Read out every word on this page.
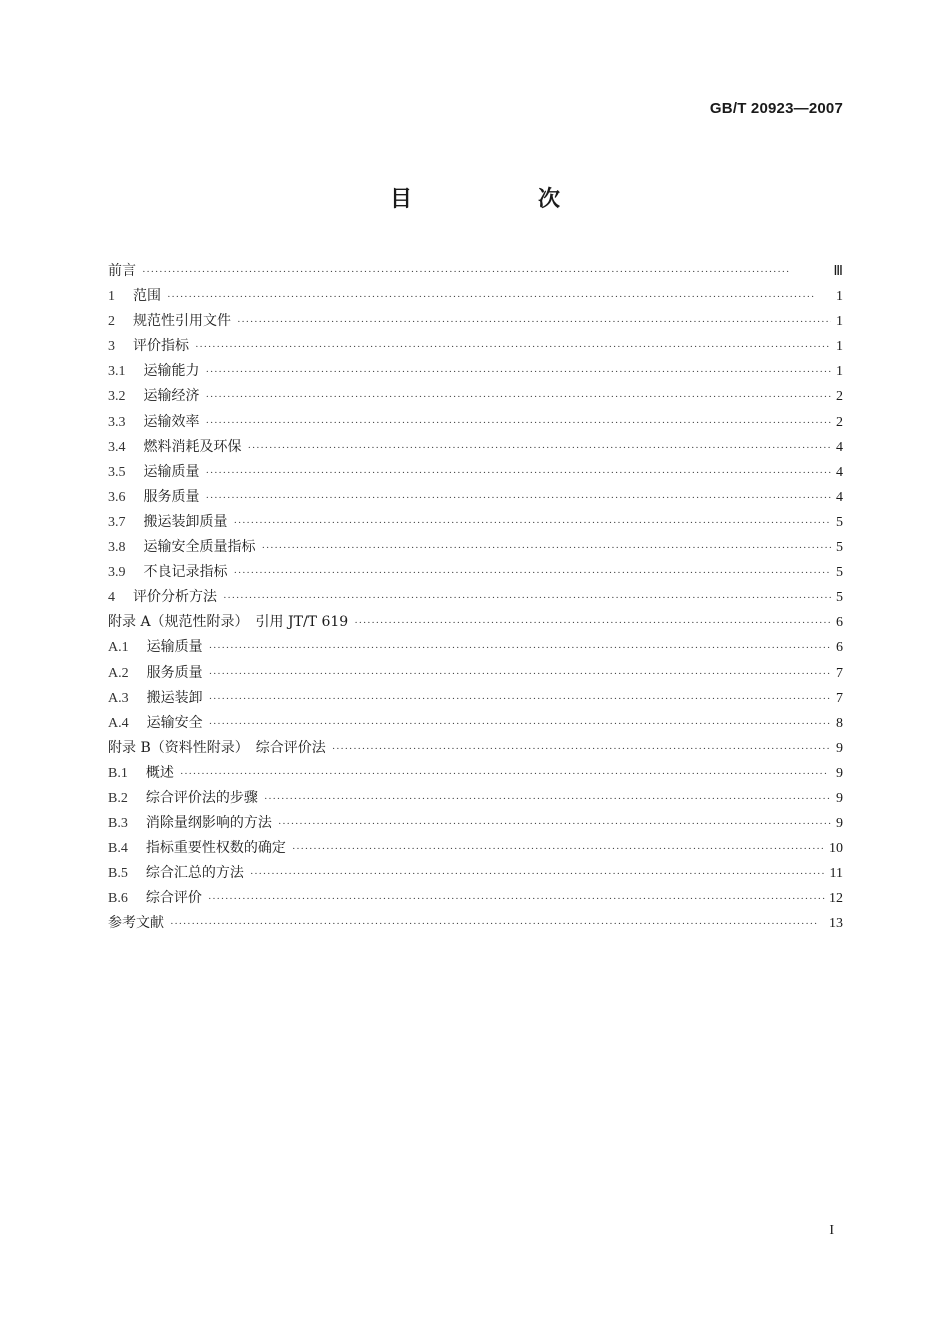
GB/T 20923—2007
目　次
前言 ·····	Ⅲ
1 范围 ·····	1
2 规范性引用文件 ·····	1
3 评价指标 ·····	1
3.1 运输能力 ·····	1
3.2 运输经济 ·····	2
3.3 运输效率 ·····	2
3.4 燃料消耗及环保 ·····	4
3.5 运输质量 ·····	4
3.6 服务质量 ·····	4
3.7 搬运装卸质量 ·····	5
3.8 运输安全质量指标 ·····	5
3.9 不良记录指标 ·····	5
4 评价分析方法 ·····	5
附录 A（规范性附录）　引用 JT/T 619 ·····	6
A.1 运输质量 ·····	6
A.2 服务质量 ·····	7
A.3 搬运装卸 ·····	7
A.4 运输安全 ·····	8
附录 B（资料性附录）　综合评价法 ·····	9
B.1 概述 ·····	9
B.2 综合评价法的步骤 ·····	9
B.3 消除量纲影响的方法 ·····	9
B.4 指标重要性权数的确定 ·····	10
B.5 综合汇总的方法 ·····	11
B.6 综合评价 ·····	12
参考文献 ·····	13
I
